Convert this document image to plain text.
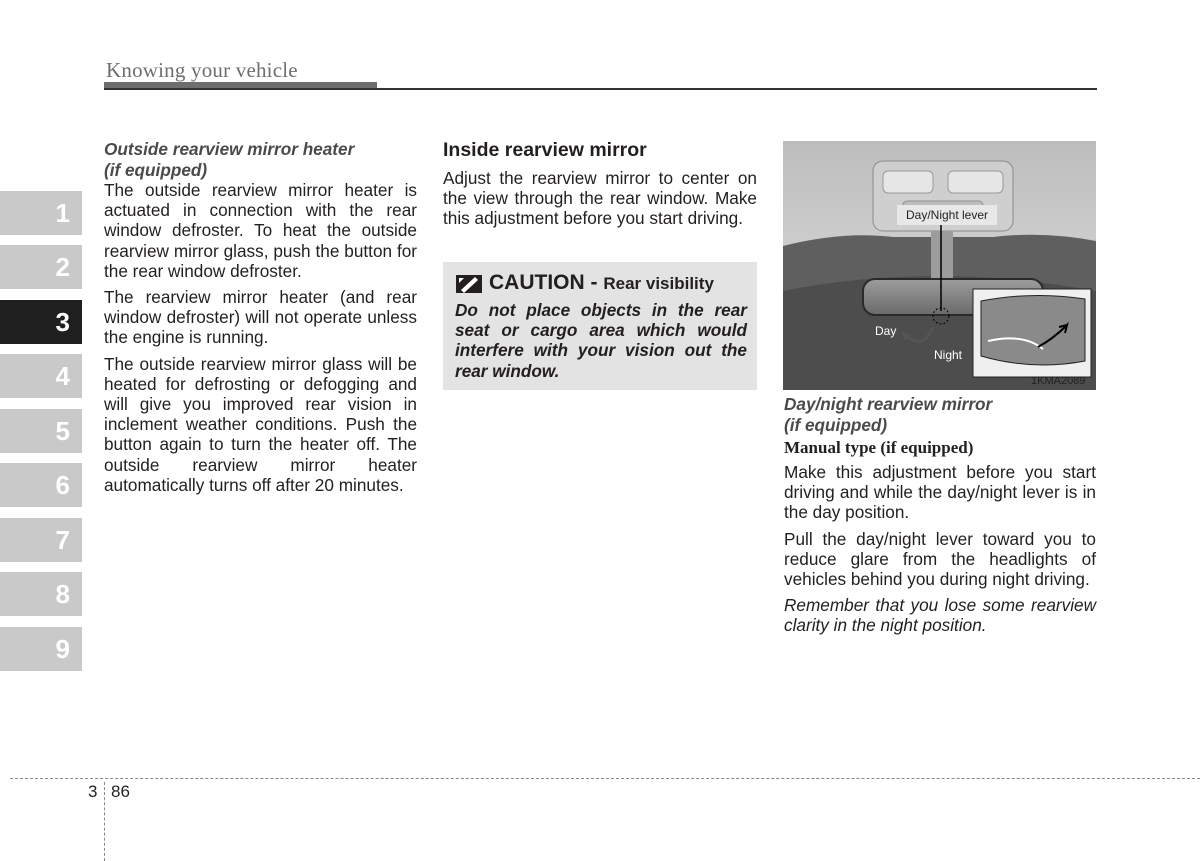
Knowing your vehicle
1
2
3
4
5
6
7
8
9

Outside rearview mirror heater

(if equipped)

The outside rearview mirror heater is actuated in connection with the rear window defroster. To heat the outside rearview mirror glass, push the button for the rear window defroster.

The rearview mirror heater (and rear window defroster) will not operate unless the engine is running.

The outside rearview mirror glass will be heated for defrosting or defogging and will give you improved rear vision in inclement weather conditions. Push the button again to turn the heater off. The outside rearview mirror heater automatically turns off after 20 minutes.

Inside rearview mirror

Adjust the rearview mirror to center on the view through the rear window. Make this adjustment before you start driving.

CAUTION - Rear visibility

Do not place objects in the rear seat or cargo area which would interfere with your vision out the rear window.

Day/Night lever
Day
Night
1KMA2089

Day/night rearview mirror

(if equipped)

Manual type (if equipped)

Make this adjustment before you start driving and while the day/night lever is in the day position.

Pull the day/night lever toward you to reduce glare from the headlights of vehicles behind you during night driving.

Remember that you lose some rearview clarity in the night position.

3 86
